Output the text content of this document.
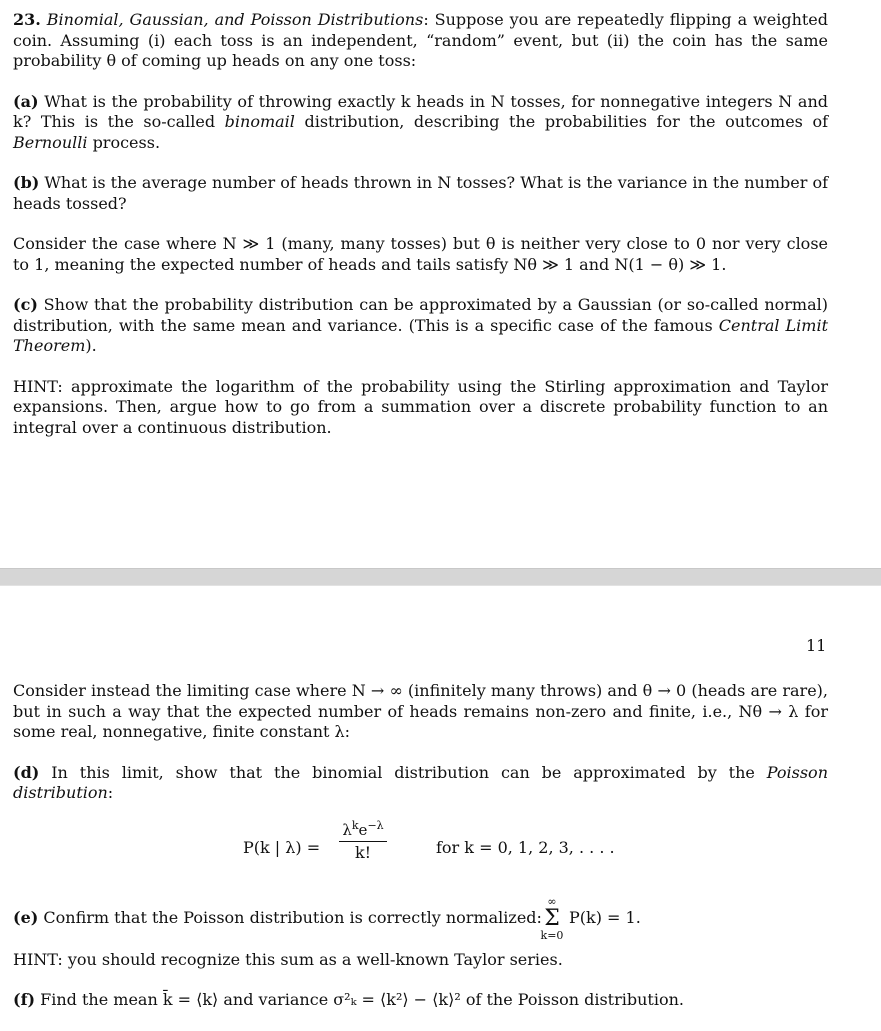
23. Binomial, Gaussian, and Poisson Distributions: Suppose you are repeatedly flipping a weighted coin. Assuming (i) each toss is an independent, “random” event, but (ii) the coin has the same probability θ of coming up heads on any one toss:

(a) What is the probability of throwing exactly k heads in N tosses, for nonnegative integers N and k? This is the so-called binomail distribution, describing the probabilities for the outcomes of Bernoulli process.

(b) What is the average number of heads thrown in N tosses? What is the variance in the number of heads tossed?

Consider the case where N ≫ 1 (many, many tosses) but θ is neither very close to 0 nor very close to 1, meaning the expected number of heads and tails satisfy Nθ ≫ 1 and N(1 − θ) ≫ 1.

(c) Show that the probability distribution can be approximated by a Gaussian (or so-called normal) distribution, with the same mean and variance. (This is a specific case of the famous Central Limit Theorem).

HINT: approximate the logarithm of the probability using the Stirling approximation and Taylor expansions. Then, argue how to go from a summation over a discrete probability function to an integral over a continuous distribution.

11

Consider instead the limiting case where N → ∞ (infinitely many throws) and θ → 0 (heads are rare), but in such a way that the expected number of heads remains non-zero and finite, i.e., Nθ → λ for some real, nonnegative, finite constant λ:

(d) In this limit, show that the binomial distribution can be approximated by the Poisson distribution:

P(k | λ) =
$\lambda^ke^{-\lambda}$
k!	for k = 0, 1, 2, 3, . . . .
(e) Confirm that the Poisson distribution is correctly normalized:
∞
Σ
k=0
P(k) = 1.

HINT: you should recognize this sum as a well-known Taylor series.

(f) Find the mean k̄ = ⟨k⟩ and variance σ²ₖ = ⟨k²⟩ − ⟨k⟩² of the Poisson distribution.
